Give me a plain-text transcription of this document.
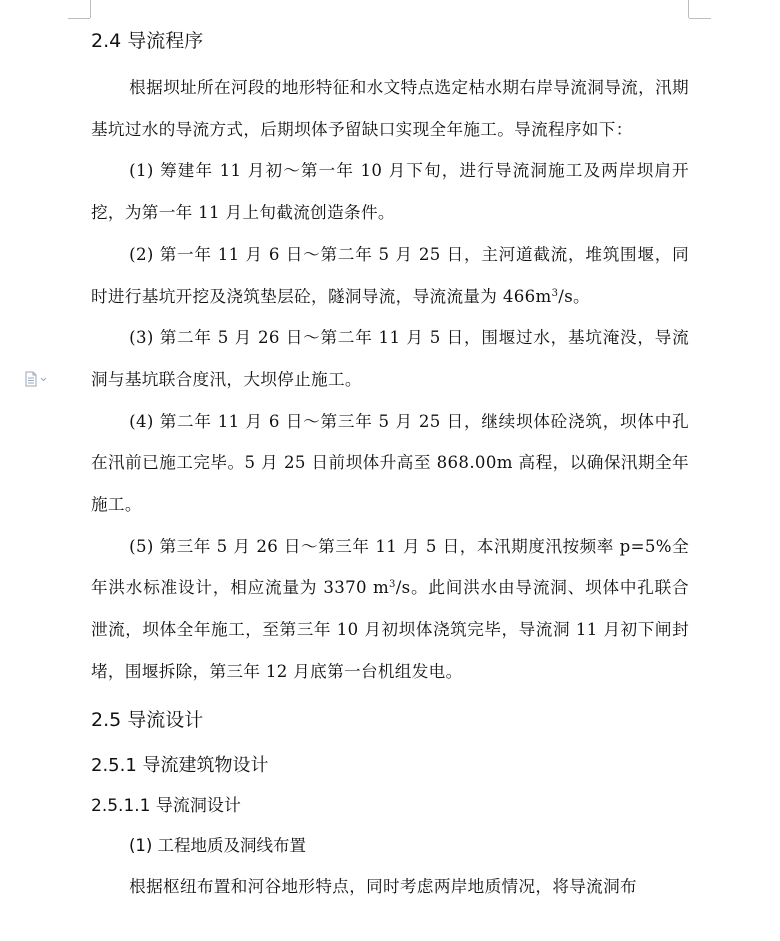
2.4 导流程序

根据坝址所在河段的地形特征和水文特点选定枯水期右岸导流洞导流，汛期基坑过水的导流方式，后期坝体予留缺口实现全年施工。导流程序如下：

(1) 筹建年 11 月初～第一年 10 月下旬，进行导流洞施工及两岸坝肩开挖，为第一年 11 月上旬截流创造条件。

(2) 第一年 11 月 6 日～第二年 5 月 25 日，主河道截流，堆筑围堰，同时进行基坑开挖及浇筑垫层砼，隧洞导流，导流流量为 $466m^3/s$。

(3) 第二年 5 月 26 日～第二年 11 月 5 日，围堰过水，基坑淹没，导流洞与基坑联合度汛，大坝停止施工。

(4) 第二年 11 月 6 日～第三年 5 月 25 日，继续坝体砼浇筑，坝体中孔在汛前已施工完毕。5 月 25 日前坝体升高至 868.00m 高程，以确保汛期全年施工。

(5) 第三年 5 月 26 日～第三年 11 月 5 日，本汛期度汛按频率 p=5%全年洪水标准设计，相应流量为 3370 $m^3/s$。此间洪水由导流洞、坝体中孔联合泄流，坝体全年施工，至第三年 10 月初坝体浇筑完毕，导流洞 11 月初下闸封堵，围堰拆除，第三年 12 月底第一台机组发电。

2.5 导流设计
2.5.1 导流建筑物设计
2.5.1.1 导流洞设计

(1) 工程地质及洞线布置

根据枢纽布置和河谷地形特点，同时考虑两岸地质情况，将导流洞布
